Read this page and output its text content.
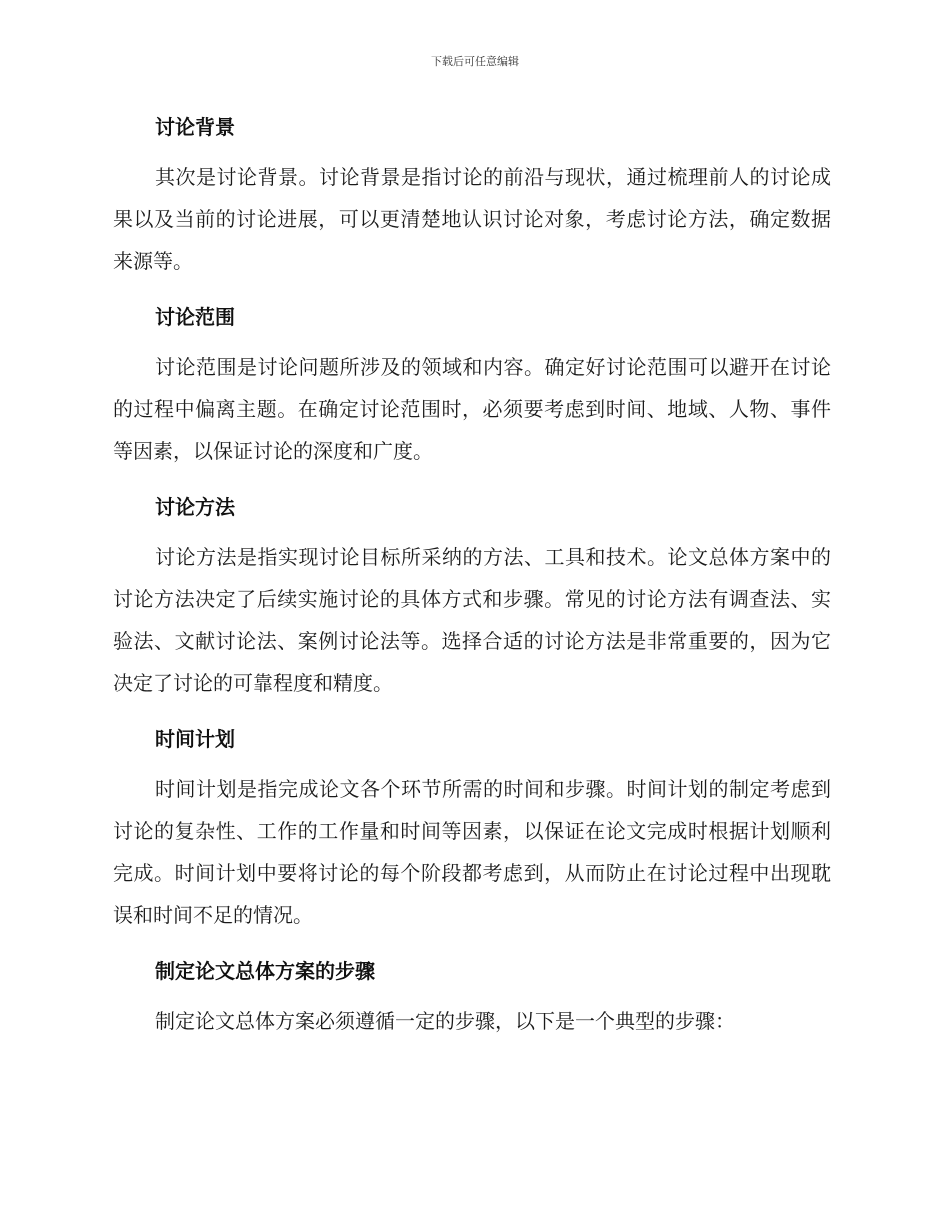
下载后可任意编辑
讨论背景

其次是讨论背景。讨论背景是指讨论的前沿与现状，通过梳理前人的讨论成果以及当前的讨论进展，可以更清楚地认识讨论对象，考虑讨论方法，确定数据来源等。

讨论范围

讨论范围是讨论问题所涉及的领域和内容。确定好讨论范围可以避开在讨论的过程中偏离主题。在确定讨论范围时，必须要考虑到时间、地域、人物、事件等因素，以保证讨论的深度和广度。

讨论方法

讨论方法是指实现讨论目标所采纳的方法、工具和技术。论文总体方案中的讨论方法决定了后续实施讨论的具体方式和步骤。常见的讨论方法有调查法、实验法、文献讨论法、案例讨论法等。选择合适的讨论方法是非常重要的，因为它决定了讨论的可靠程度和精度。

时间计划

时间计划是指完成论文各个环节所需的时间和步骤。时间计划的制定考虑到讨论的复杂性、工作的工作量和时间等因素，以保证在论文完成时根据计划顺利完成。时间计划中要将讨论的每个阶段都考虑到，从而防止在讨论过程中出现耽误和时间不足的情况。

制定论文总体方案的步骤

制定论文总体方案必须遵循一定的步骤，以下是一个典型的步骤：
